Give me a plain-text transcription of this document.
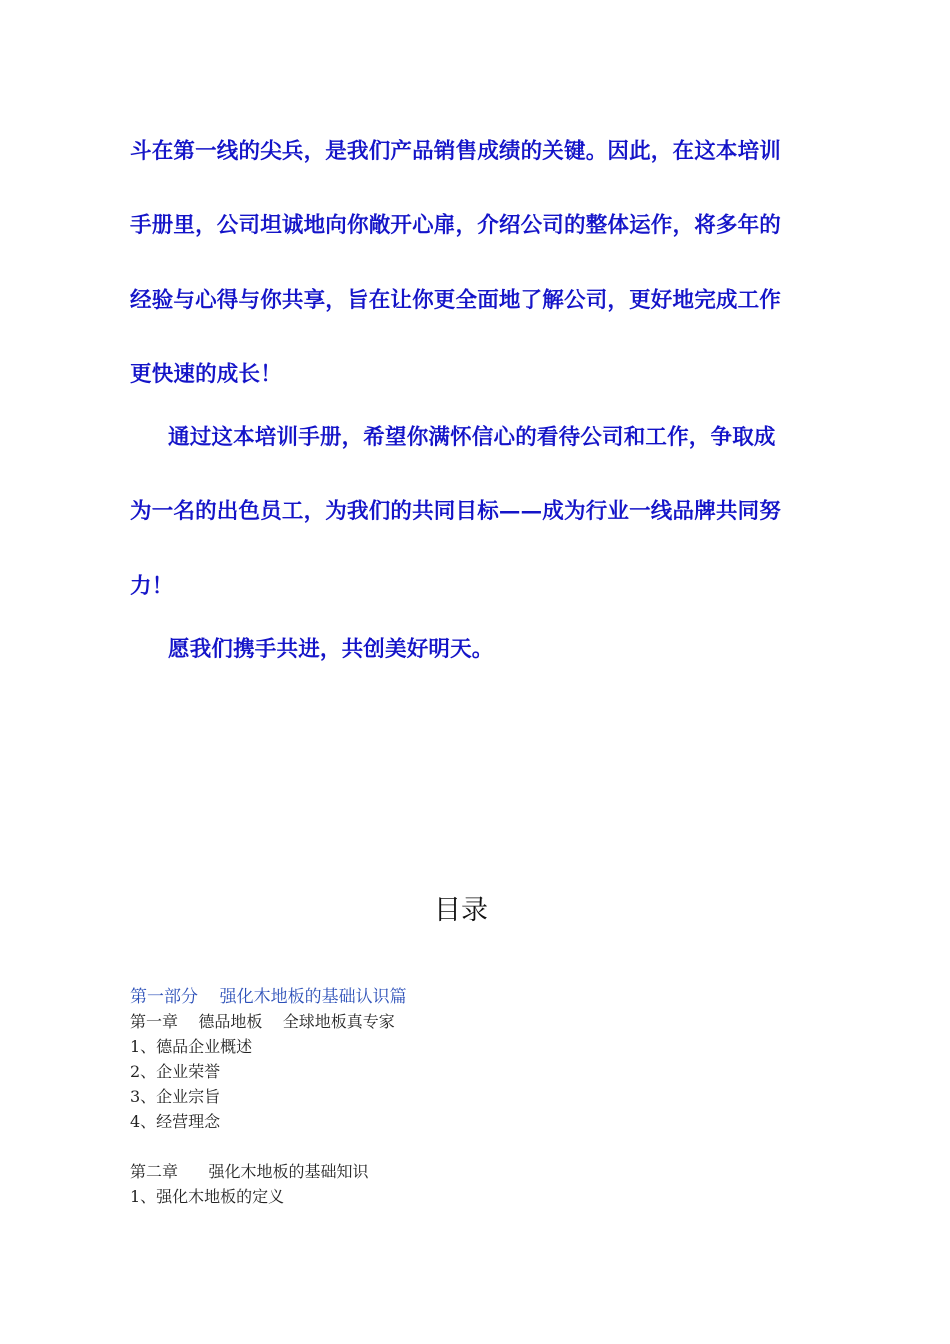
斗在第一线的尖兵，是我们产品销售成绩的关键。因此，在这本培训
手册里，公司坦诚地向你敞开心扉，介绍公司的整体运作，将多年的
经验与心得与你共享，旨在让你更全面地了解公司，更好地完成工作
更快速的成长！
通过这本培训手册，希望你满怀信心的看待公司和工作，争取成
为一名的出色员工，为我们的共同目标——成为行业一线品牌共同努
力！
愿我们携手共进，共创美好明天。
目录
第一部分    强化木地板的基础认识篇
第一章    德品地板    全球地板真专家
1、德品企业概述
2、企业荣誉
3、企业宗旨
4、经营理念
第二章      强化木地板的基础知识
1、强化木地板的定义
